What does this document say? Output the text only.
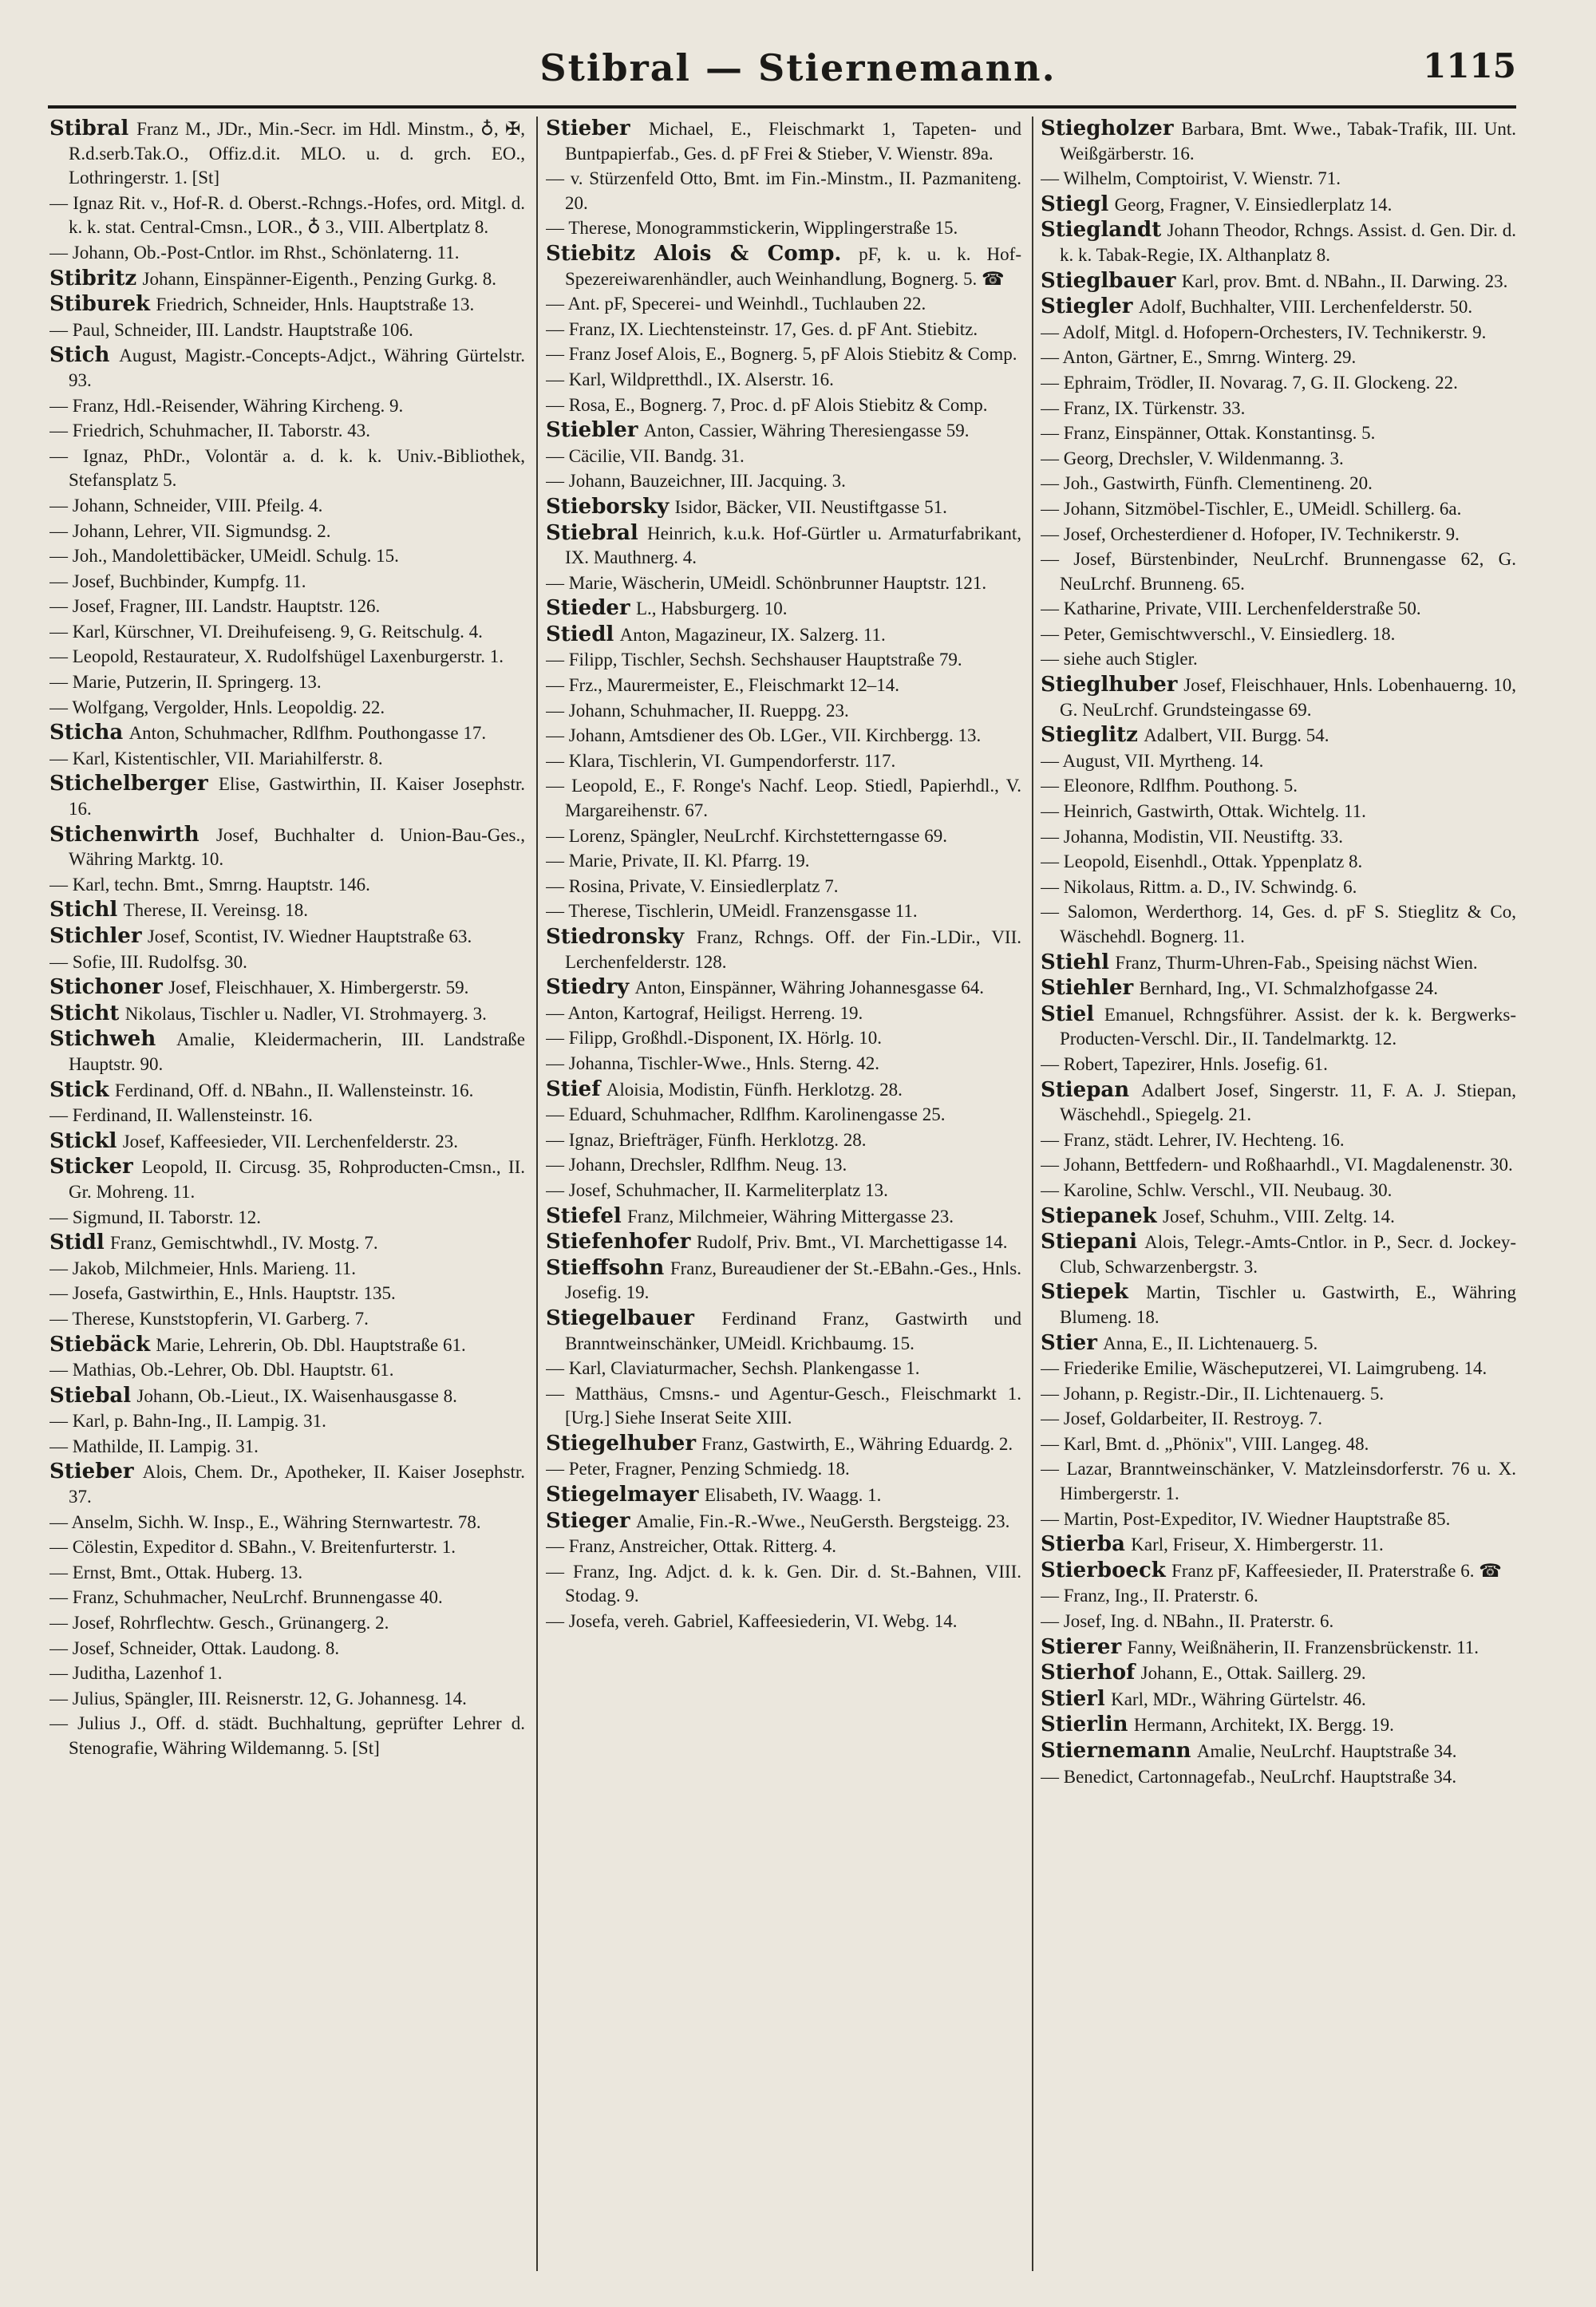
Stibral — Stiernemann.	1115
Stibral Franz M., JDr., Min.-Secr. im Hdl. Minstm., ♁, ✠, R.d.serb.Tak.O., Offiz.d.it. MLO. u. d. grch. EO., Lothringerstr. 1. [St]
— Ignaz Rit. v., Hof-R. d. Oberst.-Rchngs.-Hofes, ord. Mitgl. d. k. k. stat. Central-Cmsn., LOR., ♁ 3., VIII. Albertplatz 8.
— Johann, Ob.-Post-Cntlor. im Rhst., Schönlaterng. 11.
Stibritz Johann, Einspänner-Eigenth., Penzing Gurkg. 8.
Stiburek Friedrich, Schneider, Hnls. Hauptstraße 13.
— Paul, Schneider, III. Landstr. Hauptstraße 106.
Stich August, Magistr.-Concepts-Adjct., Währing Gürtelstr. 93.
— Franz, Hdl.-Reisender, Währing Kircheng. 9.
— Friedrich, Schuhmacher, II. Taborstr. 43.
— Ignaz, PhDr., Volontär a. d. k. k. Univ.-Bibliothek, Stefansplatz 5.
— Johann, Schneider, VIII. Pfeilg. 4.
— Johann, Lehrer, VII. Sigmundsg. 2.
— Joh., Mandolettibäcker, UMeidl. Schulg. 15.
— Josef, Buchbinder, Kumpfg. 11.
— Josef, Fragner, III. Landstr. Hauptstr. 126.
— Karl, Kürschner, VI. Dreihufeiseng. 9, G. Reitschulg. 4.
— Leopold, Restaurateur, X. Rudolfshügel Laxenburgerstr. 1.
— Marie, Putzerin, II. Springerg. 13.
— Wolfgang, Vergolder, Hnls. Leopoldig. 22.
Sticha Anton, Schuhmacher, Rdlfhm. Pouthongasse 17.
— Karl, Kistentischler, VII. Mariahilferstr. 8.
Stichelberger Elise, Gastwirthin, II. Kaiser Josephstr. 16.
Stichenwirth Josef, Buchhalter d. Union-Bau-Ges., Währing Marktg. 10.
— Karl, techn. Bmt., Smrng. Hauptstr. 146.
Stichl Therese, II. Vereinsg. 18.
Stichler Josef, Scontist, IV. Wiedner Hauptstraße 63.
— Sofie, III. Rudolfsg. 30.
Stichoner Josef, Fleischhauer, X. Himbergerstr. 59.
Sticht Nikolaus, Tischler u. Nadler, VI. Strohmayerg. 3.
Stichweh Amalie, Kleidermacherin, III. Landstraße Hauptstr. 90.
Stick Ferdinand, Off. d. NBahn., II. Wallensteinstr. 16.
— Ferdinand, II. Wallensteinstr. 16.
Stickl Josef, Kaffeesieder, VII. Lerchenfelderstr. 23.
Sticker Leopold, II. Circusg. 35, Rohproducten-Cmsn., II. Gr. Mohreng. 11.
— Sigmund, II. Taborstr. 12.
Stidl Franz, Gemischtwhdl., IV. Mostg. 7.
— Jakob, Milchmeier, Hnls. Marieng. 11.
— Josefa, Gastwirthin, E., Hnls. Hauptstr. 135.
— Therese, Kunststopferin, VI. Garberg. 7.
Stiebäck Marie, Lehrerin, Ob. Dbl. Hauptstraße 61.
— Mathias, Ob.-Lehrer, Ob. Dbl. Hauptstr. 61.
Stiebal Johann, Ob.-Lieut., IX. Waisenhausgasse 8.
— Karl, p. Bahn-Ing., II. Lampig. 31.
— Mathilde, II. Lampig. 31.
Stieber Alois, Chem. Dr., Apotheker, II. Kaiser Josephstr. 37.
— Anselm, Sichh. W. Insp., E., Währing Sternwartestr. 78.
— Cölestin, Expeditor d. SBahn., V. Breitenfurterstr. 1.
— Ernst, Bmt., Ottak. Huberg. 13.
— Franz, Schuhmacher, NeuLrchf. Brunnengasse 40.
— Josef, Rohrflechtw. Gesch., Grünangerg. 2.
— Josef, Schneider, Ottak. Laudong. 8.
— Juditha, Lazenhof 1.
— Julius, Spängler, III. Reisnerstr. 12, G. Johannesg. 14.
— Julius J., Off. d. städt. Buchhaltung, geprüfter Lehrer d. Stenografie, Währing Wildemanng. 5. [St]
Stieber Michael, E., Fleischmarkt 1, Tapeten- und Buntpapierfab., Ges. d. pF Frei & Stieber, V. Wienstr. 89a.
— v. Stürzenfeld Otto, Bmt. im Fin.-Minstm., II. Pazmaniteng. 20.
— Therese, Monogrammstickerin, Wipplingerstraße 15.
Stiebitz Alois & Comp. pF, k. u. k. Hof-Spezereiwarenhändler, auch Weinhandlung, Bognerg. 5. ☎
— Ant. pF, Specerei- und Weinhdl., Tuchlauben 22.
— Franz, IX. Liechtensteinstr. 17, Ges. d. pF Ant. Stiebitz.
— Franz Josef Alois, E., Bognerg. 5, pF Alois Stiebitz & Comp.
— Karl, Wildpretthdl., IX. Alserstr. 16.
— Rosa, E., Bognerg. 7, Proc. d. pF Alois Stiebitz & Comp.
Stiebler Anton, Cassier, Währing Theresiengasse 59.
— Cäcilie, VII. Bandg. 31.
— Johann, Bauzeichner, III. Jacquing. 3.
Stieborsky Isidor, Bäcker, VII. Neustiftgasse 51.
Stiebral Heinrich, k.u.k. Hof-Gürtler u. Armaturfabrikant, IX. Mauthnerg. 4.
— Marie, Wäscherin, UMeidl. Schönbrunner Hauptstr. 121.
Stieder L., Habsburgerg. 10.
Stiedl Anton, Magazineur, IX. Salzerg. 11.
— Filipp, Tischler, Sechsh. Sechshauser Hauptstraße 79.
— Frz., Maurermeister, E., Fleischmarkt 12–14.
— Johann, Schuhmacher, II. Rueppg. 23.
— Johann, Amtsdiener des Ob. LGer., VII. Kirchbergg. 13.
— Klara, Tischlerin, VI. Gumpendorferstr. 117.
— Leopold, E., F. Ronge's Nachf. Leop. Stiedl, Papierhdl., V. Margareihenstr. 67.
— Lorenz, Spängler, NeuLrchf. Kirchstetterngasse 69.
— Marie, Private, II. Kl. Pfarrg. 19.
— Rosina, Private, V. Einsiedlerplatz 7.
— Therese, Tischlerin, UMeidl. Franzensgasse 11.
Stiedronsky Franz, Rchngs. Off. der Fin.-LDir., VII. Lerchenfelderstr. 128.
Stiedry Anton, Einspänner, Währing Johannesgasse 64.
— Anton, Kartograf, Heiligst. Herreng. 19.
— Filipp, Großhdl.-Disponent, IX. Hörlg. 10.
— Johanna, Tischler-Wwe., Hnls. Sterng. 42.
Stief Aloisia, Modistin, Fünfh. Herklotzg. 28.
— Eduard, Schuhmacher, Rdlfhm. Karolinengasse 25.
— Ignaz, Briefträger, Fünfh. Herklotzg. 28.
— Johann, Drechsler, Rdlfhm. Neug. 13.
— Josef, Schuhmacher, II. Karmeliterplatz 13.
Stiefel Franz, Milchmeier, Währing Mittergasse 23.
Stiefenhofer Rudolf, Priv. Bmt., VI. Marchettigasse 14.
Stieffsohn Franz, Bureaudiener der St.-EBahn.-Ges., Hnls. Josefig. 19.
Stiegelbauer Ferdinand Franz, Gastwirth und Branntweinschänker, UMeidl. Krichbaumg. 15.
— Karl, Claviaturmacher, Sechsh. Plankengasse 1.
— Matthäus, Cmsns.- und Agentur-Gesch., Fleischmarkt 1. [Urg.] Siehe Inserat Seite XIII.
Stiegelhuber Franz, Gastwirth, E., Währing Eduardg. 2.
— Peter, Fragner, Penzing Schmiedg. 18.
Stiegelmayer Elisabeth, IV. Waagg. 1.
Stieger Amalie, Fin.-R.-Wwe., NeuGersth. Bergsteigg. 23.
— Franz, Anstreicher, Ottak. Ritterg. 4.
— Franz, Ing. Adjct. d. k. k. Gen. Dir. d. St.-Bahnen, VIII. Stodag. 9.
— Josefa, vereh. Gabriel, Kaffeesiederin, VI. Webg. 14.
Stiegholzer Barbara, Bmt. Wwe., Tabak-Trafik, III. Unt. Weißgärberstr. 16.
— Wilhelm, Comptoirist, V. Wienstr. 71.
Stiegl Georg, Fragner, V. Einsiedlerplatz 14.
Stieglandt Johann Theodor, Rchngs. Assist. d. Gen. Dir. d. k. k. Tabak-Regie, IX. Althanplatz 8.
Stieglbauer Karl, prov. Bmt. d. NBahn., II. Darwing. 23.
Stiegler Adolf, Buchhalter, VIII. Lerchenfelderstr. 50.
— Adolf, Mitgl. d. Hofopern-Orchesters, IV. Technikerstr. 9.
— Anton, Gärtner, E., Smrng. Winterg. 29.
— Ephraim, Trödler, II. Novarag. 7, G. II. Glockeng. 22.
— Franz, IX. Türkenstr. 33.
— Franz, Einspänner, Ottak. Konstantinsg. 5.
— Georg, Drechsler, V. Wildenmanng. 3.
— Joh., Gastwirth, Fünfh. Clementineng. 20.
— Johann, Sitzmöbel-Tischler, E., UMeidl. Schillerg. 6a.
— Josef, Orchesterdiener d. Hofoper, IV. Technikerstr. 9.
— Josef, Bürstenbinder, NeuLrchf. Brunnengasse 62, G. NeuLrchf. Brunneng. 65.
— Katharine, Private, VIII. Lerchenfelderstraße 50.
— Peter, Gemischtwverschl., V. Einsiedlerg. 18.
— siehe auch Stigler.
Stieglhuber Josef, Fleischhauer, Hnls. Lobenhauerng. 10, G. NeuLrchf. Grundsteingasse 69.
Stieglitz Adalbert, VII. Burgg. 54.
— August, VII. Myrtheng. 14.
— Eleonore, Rdlfhm. Pouthong. 5.
— Heinrich, Gastwirth, Ottak. Wichtelg. 11.
— Johanna, Modistin, VII. Neustiftg. 33.
— Leopold, Eisenhdl., Ottak. Yppenplatz 8.
— Nikolaus, Rittm. a. D., IV. Schwindg. 6.
— Salomon, Werderthorg. 14, Ges. d. pF S. Stieglitz & Co, Wäschehdl. Bognerg. 11.
Stiehl Franz, Thurm-Uhren-Fab., Speising nächst Wien.
Stiehler Bernhard, Ing., VI. Schmalzhofgasse 24.
Stiel Emanuel, Rchngsführer. Assist. der k. k. Bergwerks-Producten-Verschl. Dir., II. Tandelmarktg. 12.
— Robert, Tapezirer, Hnls. Josefig. 61.
Stiepan Adalbert Josef, Singerstr. 11, F. A. J. Stiepan, Wäschehdl., Spiegelg. 21.
— Franz, städt. Lehrer, IV. Hechteng. 16.
— Johann, Bettfedern- und Roßhaarhdl., VI. Magdalenenstr. 30.
— Karoline, Schlw. Verschl., VII. Neubaug. 30.
Stiepanek Josef, Schuhm., VIII. Zeltg. 14.
Stiepani Alois, Telegr.-Amts-Cntlor. in P., Secr. d. Jockey-Club, Schwarzenbergstr. 3.
Stiepek Martin, Tischler u. Gastwirth, E., Währing Blumeng. 18.
Stier Anna, E., II. Lichtenauerg. 5.
— Friederike Emilie, Wäscheputzerei, VI. Laimgrubeng. 14.
— Johann, p. Registr.-Dir., II. Lichtenauerg. 5.
— Josef, Goldarbeiter, II. Restroyg. 7.
— Karl, Bmt. d. „Phönix", VIII. Langeg. 48.
— Lazar, Branntweinschänker, V. Matzleinsdorferstr. 76 u. X. Himbergerstr. 1.
— Martin, Post-Expeditor, IV. Wiedner Hauptstraße 85.
Stierba Karl, Friseur, X. Himbergerstr. 11.
Stierboeck Franz pF, Kaffeesieder, II. Praterstraße 6. ☎
— Franz, Ing., II. Praterstr. 6.
— Josef, Ing. d. NBahn., II. Praterstr. 6.
Stierer Fanny, Weißnäherin, II. Franzensbrückenstr. 11.
Stierhof Johann, E., Ottak. Saillerg. 29.
Stierl Karl, MDr., Währing Gürtelstr. 46.
Stierlin Hermann, Architekt, IX. Bergg. 19.
Stiernemann Amalie, NeuLrchf. Hauptstraße 34.
— Benedict, Cartonnagefab., NeuLrchf. Hauptstraße 34.
